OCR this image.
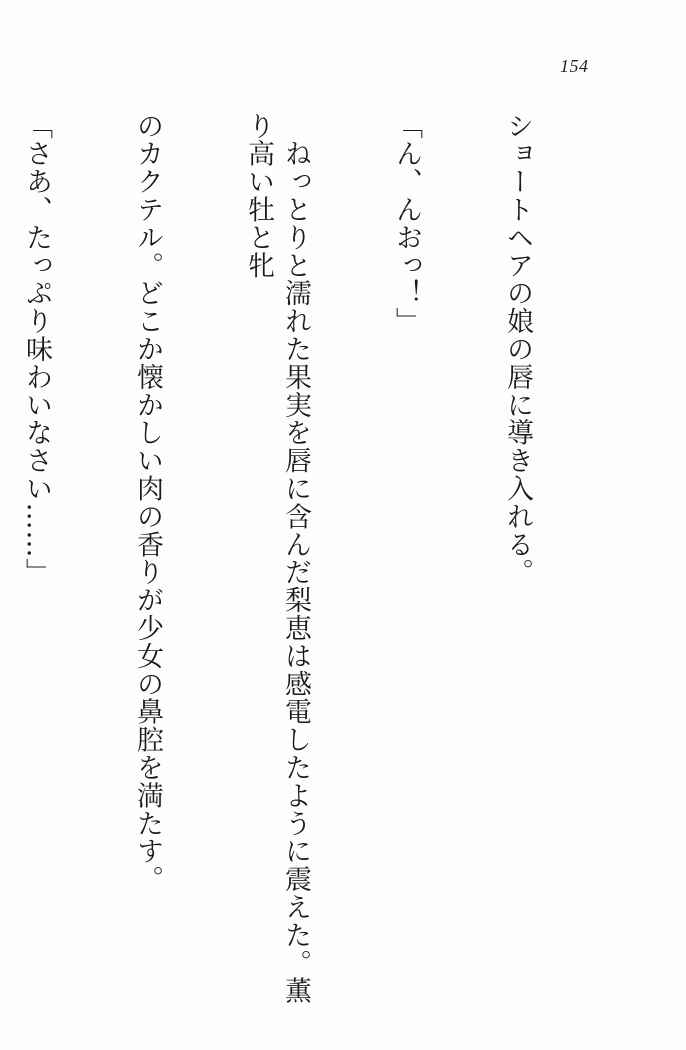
154

ショートヘアの娘の唇に導き入れる。

「ん、んおっ！」

　ねっとりと濡れた果実を唇に含んだ梨恵は感電したように震えた。薫り高い牡と牝

のカクテル。どこか懐かしい肉の香りが少女の鼻腔を満たす。

「さあ、たっぷり味わいなさい……」
